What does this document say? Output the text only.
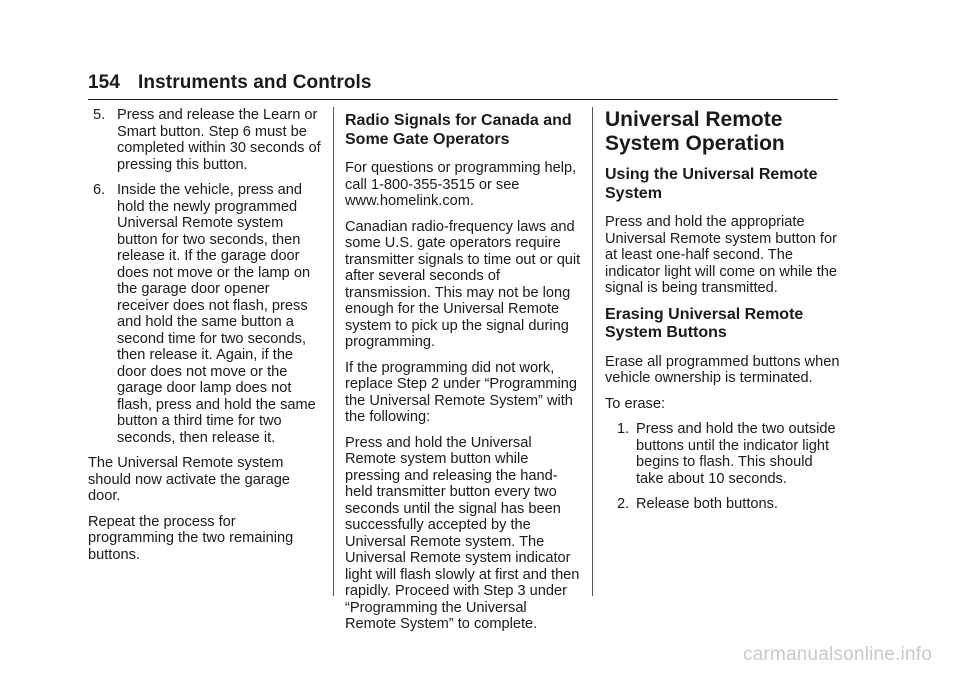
154 Instruments and Controls
5. Press and release the Learn or Smart button. Step 6 must be completed within 30 seconds of pressing this button.
6. Inside the vehicle, press and hold the newly programmed Universal Remote system button for two seconds, then release it. If the garage door does not move or the lamp on the garage door opener receiver does not flash, press and hold the same button a second time for two seconds, then release it. Again, if the door does not move or the garage door lamp does not flash, press and hold the same button a third time for two seconds, then release it.

The Universal Remote system should now activate the garage door.

Repeat the process for programming the two remaining buttons.

Radio Signals for Canada and Some Gate Operators

For questions or programming help, call 1-800-355-3515 or see www.homelink.com.

Canadian radio-frequency laws and some U.S. gate operators require transmitter signals to time out or quit after several seconds of transmission. This may not be long enough for the Universal Remote system to pick up the signal during programming.

If the programming did not work, replace Step 2 under “Programming the Universal Remote System” with the following:

Press and hold the Universal Remote system button while pressing and releasing the hand-held transmitter button every two seconds until the signal has been successfully accepted by the Universal Remote system. The Universal Remote system indicator light will flash slowly at first and then rapidly. Proceed with Step 3 under “Programming the Universal Remote System” to complete.

Universal Remote System Operation
Using the Universal Remote System

Press and hold the appropriate Universal Remote system button for at least one-half second. The indicator light will come on while the signal is being transmitted.

Erasing Universal Remote System Buttons

Erase all programmed buttons when vehicle ownership is terminated.

To erase:

1. Press and hold the two outside buttons until the indicator light begins to flash. This should take about 10 seconds.
2. Release both buttons.
carmanualsonline.info
